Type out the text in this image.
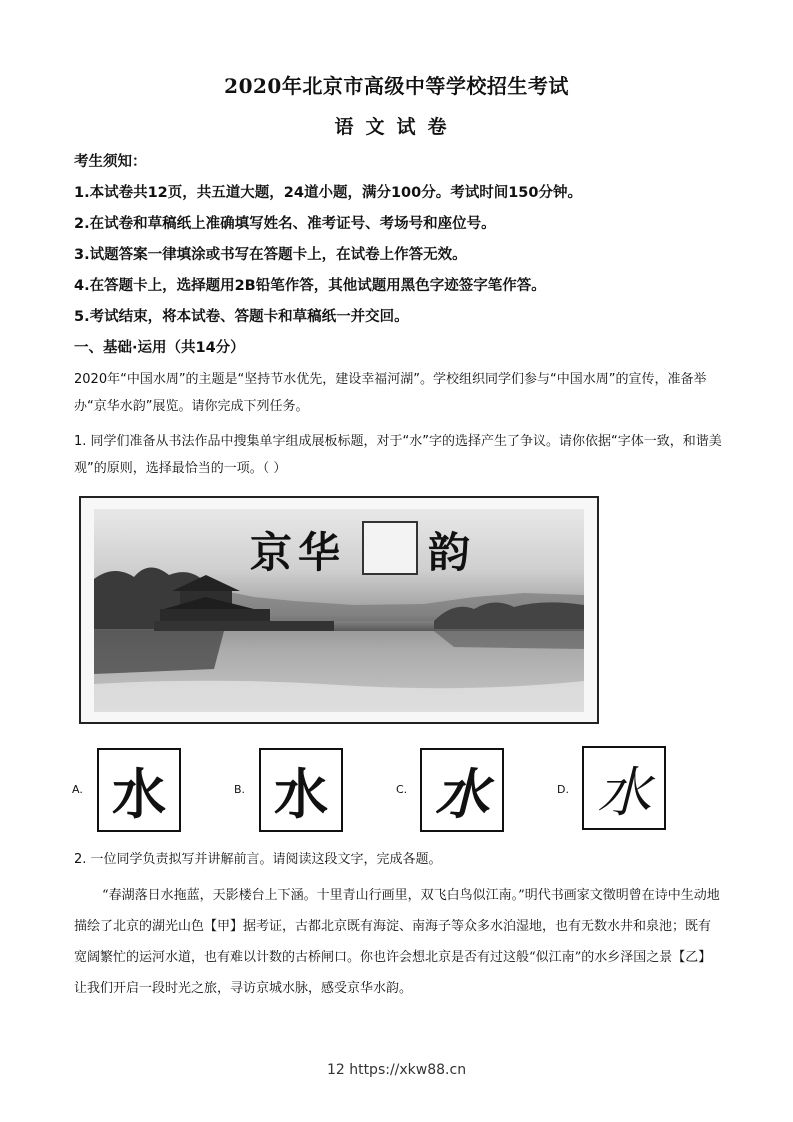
2020年北京市高级中等学校招生考试
语文试卷
考生须知：
1.本试卷共12页，共五道大题，24道小题，满分100分。考试时间150分钟。
2.在试卷和草稿纸上准确填写姓名、准考证号、考场号和座位号。
3.试题答案一律填涂或书写在答题卡上，在试卷上作答无效。
4.在答题卡上，选择题用2B铅笔作答，其他试题用黑色字迹签字笔作答。
5.考试结束，将本试卷、答题卡和草稿纸一并交回。
一、基础·运用（共14分）
2020年“中国水周”的主题是“坚持节水优先，建设幸福河湖”。学校组织同学们参与“中国水周”的宣传，准备举办“京华水韵”展览。请你完成下列任务。
1. 同学们准备从书法作品中搜集单字组成展板标题，对于“水”字的选择产生了争议。请你依据“字体一致，和谐美观”的原则，选择最恰当的一项。（ ）
京华 韵
A. 水	B. 水	C. 水	D. 水
2. 一位同学负责拟写并讲解前言。请阅读这段文字，完成各题。
“春湖落日水拖蓝，天影楼台上下涵。十里青山行画里，双飞白鸟似江南。”明代书画家文徵明曾在诗中生动地描绘了北京的湖光山色【甲】据考证，古都北京既有海淀、南海子等众多水泊湿地，也有无数水井和泉池；既有宽阔繁忙的运河水道，也有难以计数的古桥闸口。你也许会想北京是否有过这般“似江南”的水乡泽国之景【乙】让我们开启一段时光之旅，寻访京城水脉，感受京华水韵。
12 https://xkw88.cn
